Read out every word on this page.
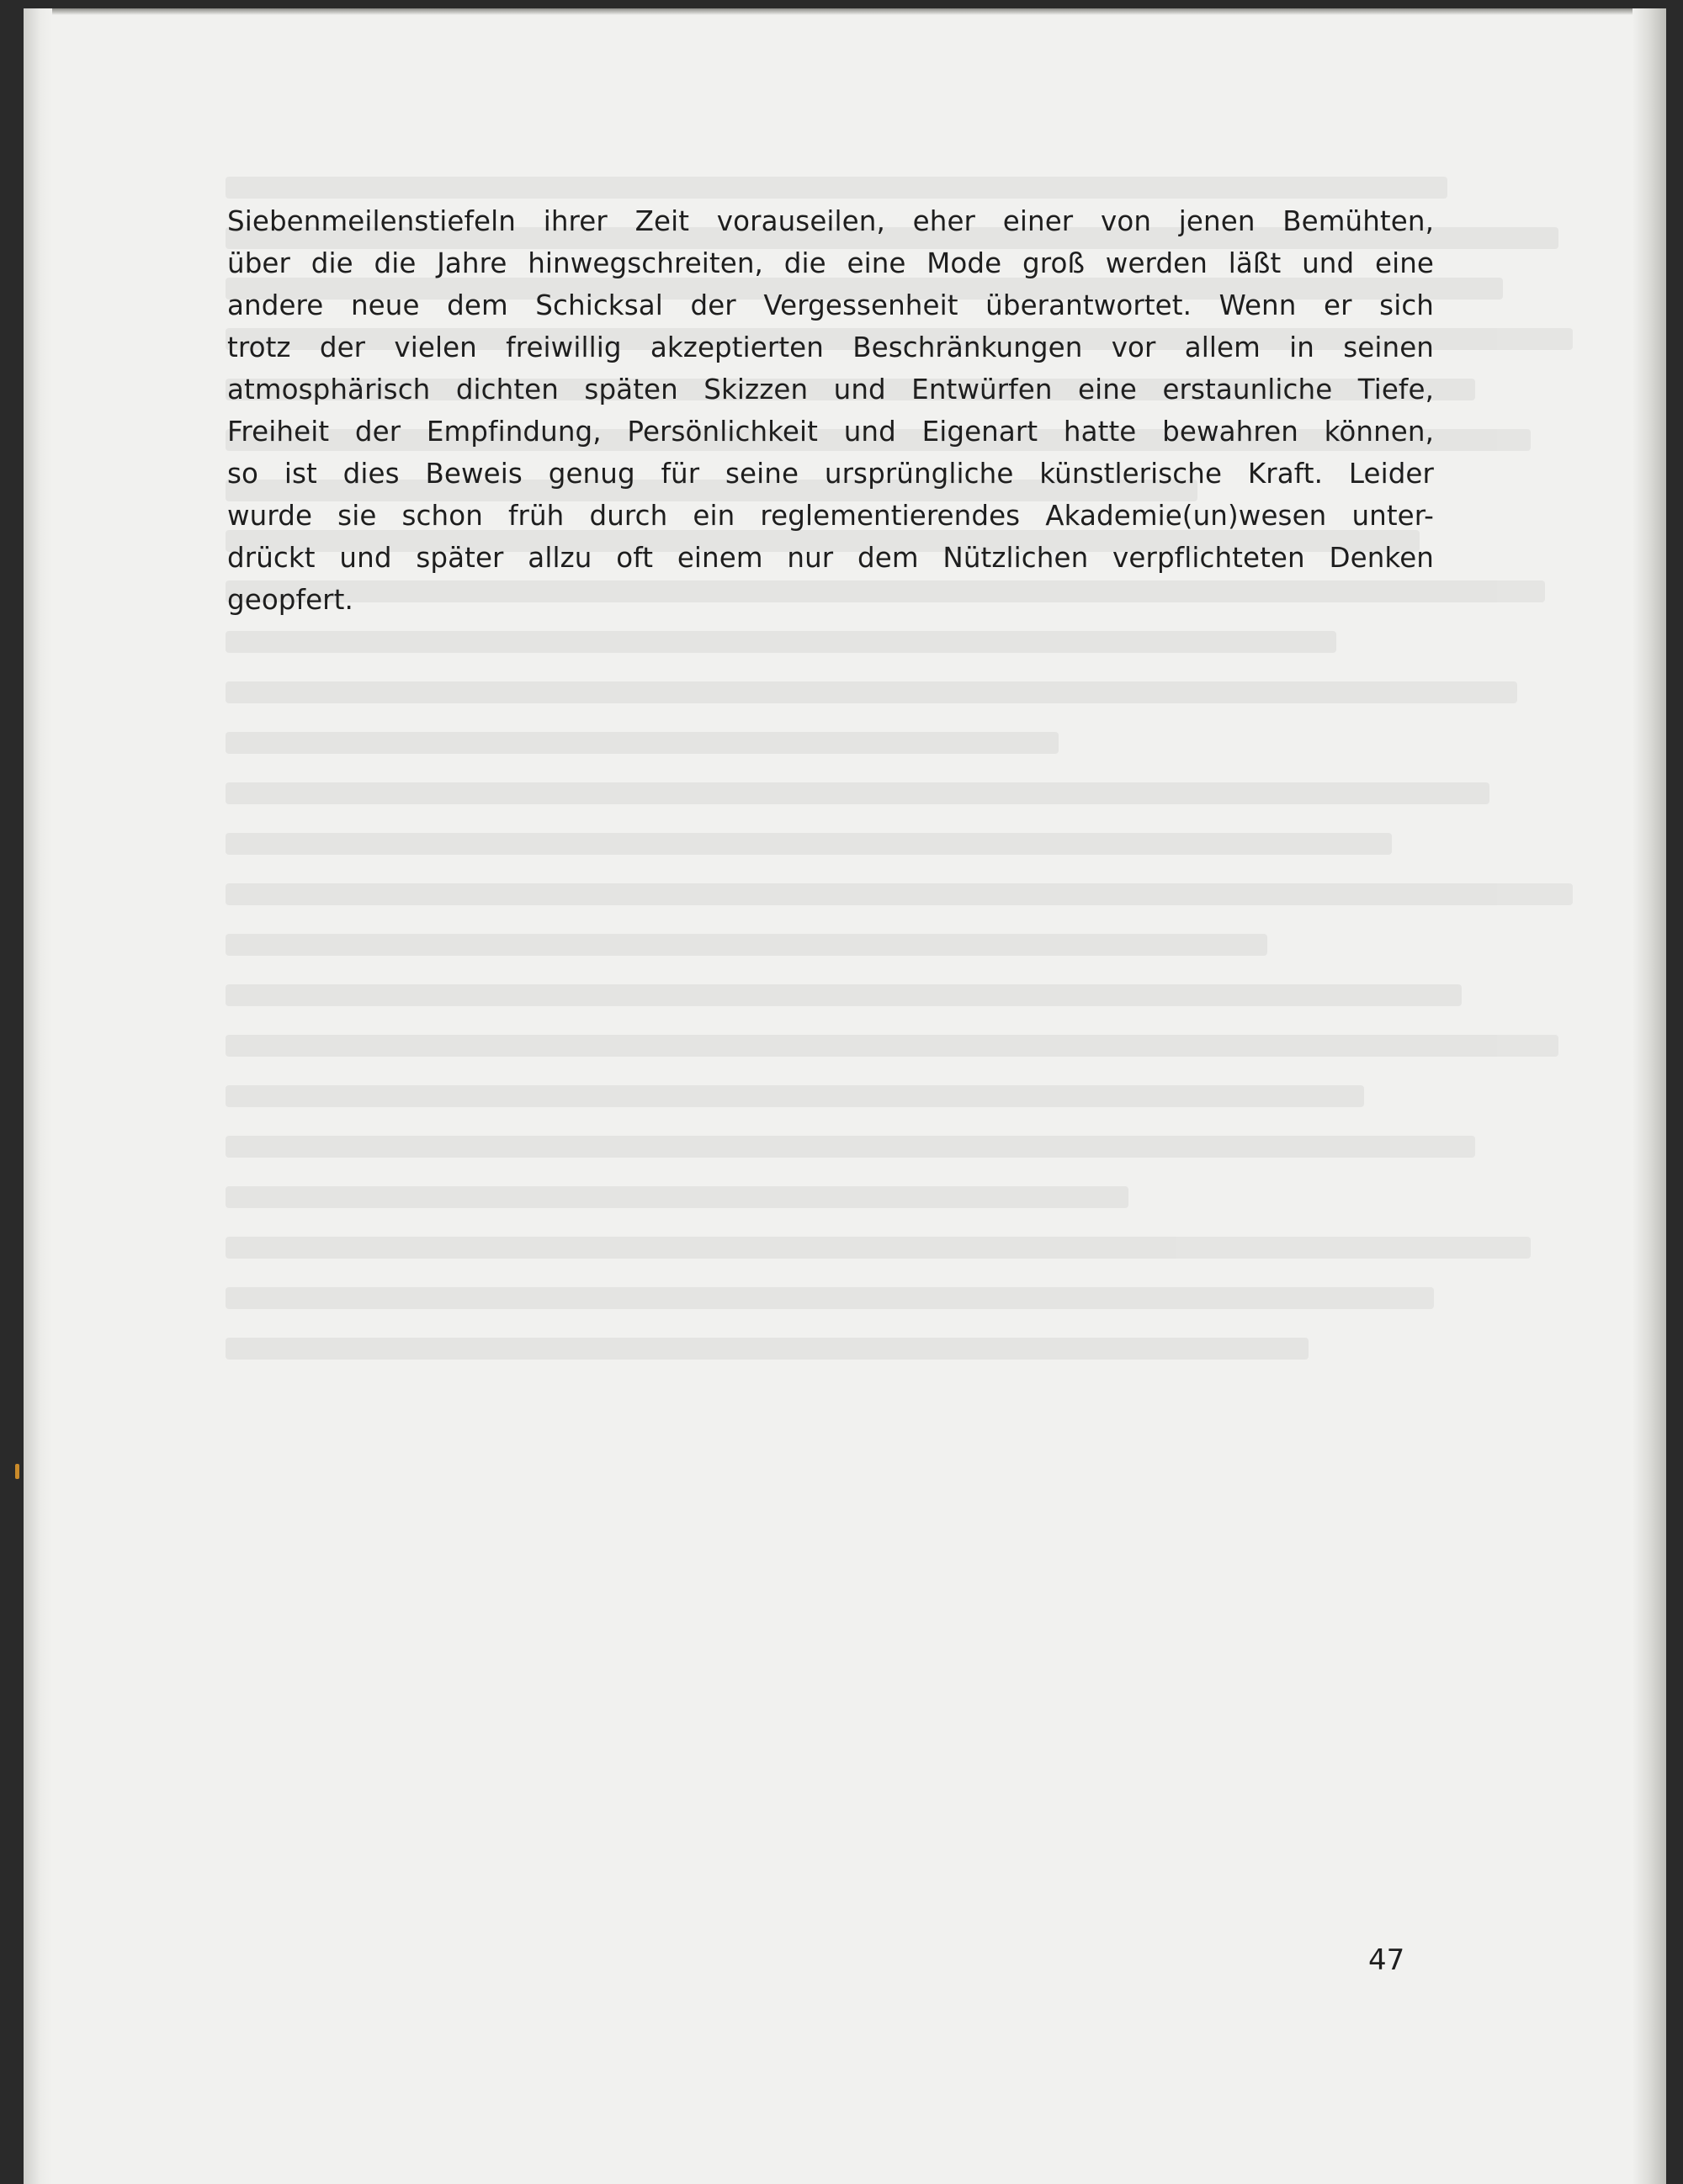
Siebenmeilenstiefeln ihrer Zeit vorauseilen, eher einer von jenen Bemühten,
über die die Jahre hinwegschreiten, die eine Mode groß werden läßt und eine
andere neue dem Schicksal der Vergessenheit überantwortet. Wenn er sich
trotz der vielen freiwillig akzeptierten Beschränkungen vor allem in seinen
atmosphärisch dichten späten Skizzen und Entwürfen eine erstaunliche Tiefe,
Freiheit der Empfindung, Persönlichkeit und Eigenart hatte bewahren können,
so ist dies Beweis genug für seine ursprüngliche künstlerische Kraft. Leider
wurde sie schon früh durch ein reglementierendes Akademie(un)wesen unter-
drückt und später allzu oft einem nur dem Nützlichen verpflichteten Denken
geopfert.
47
